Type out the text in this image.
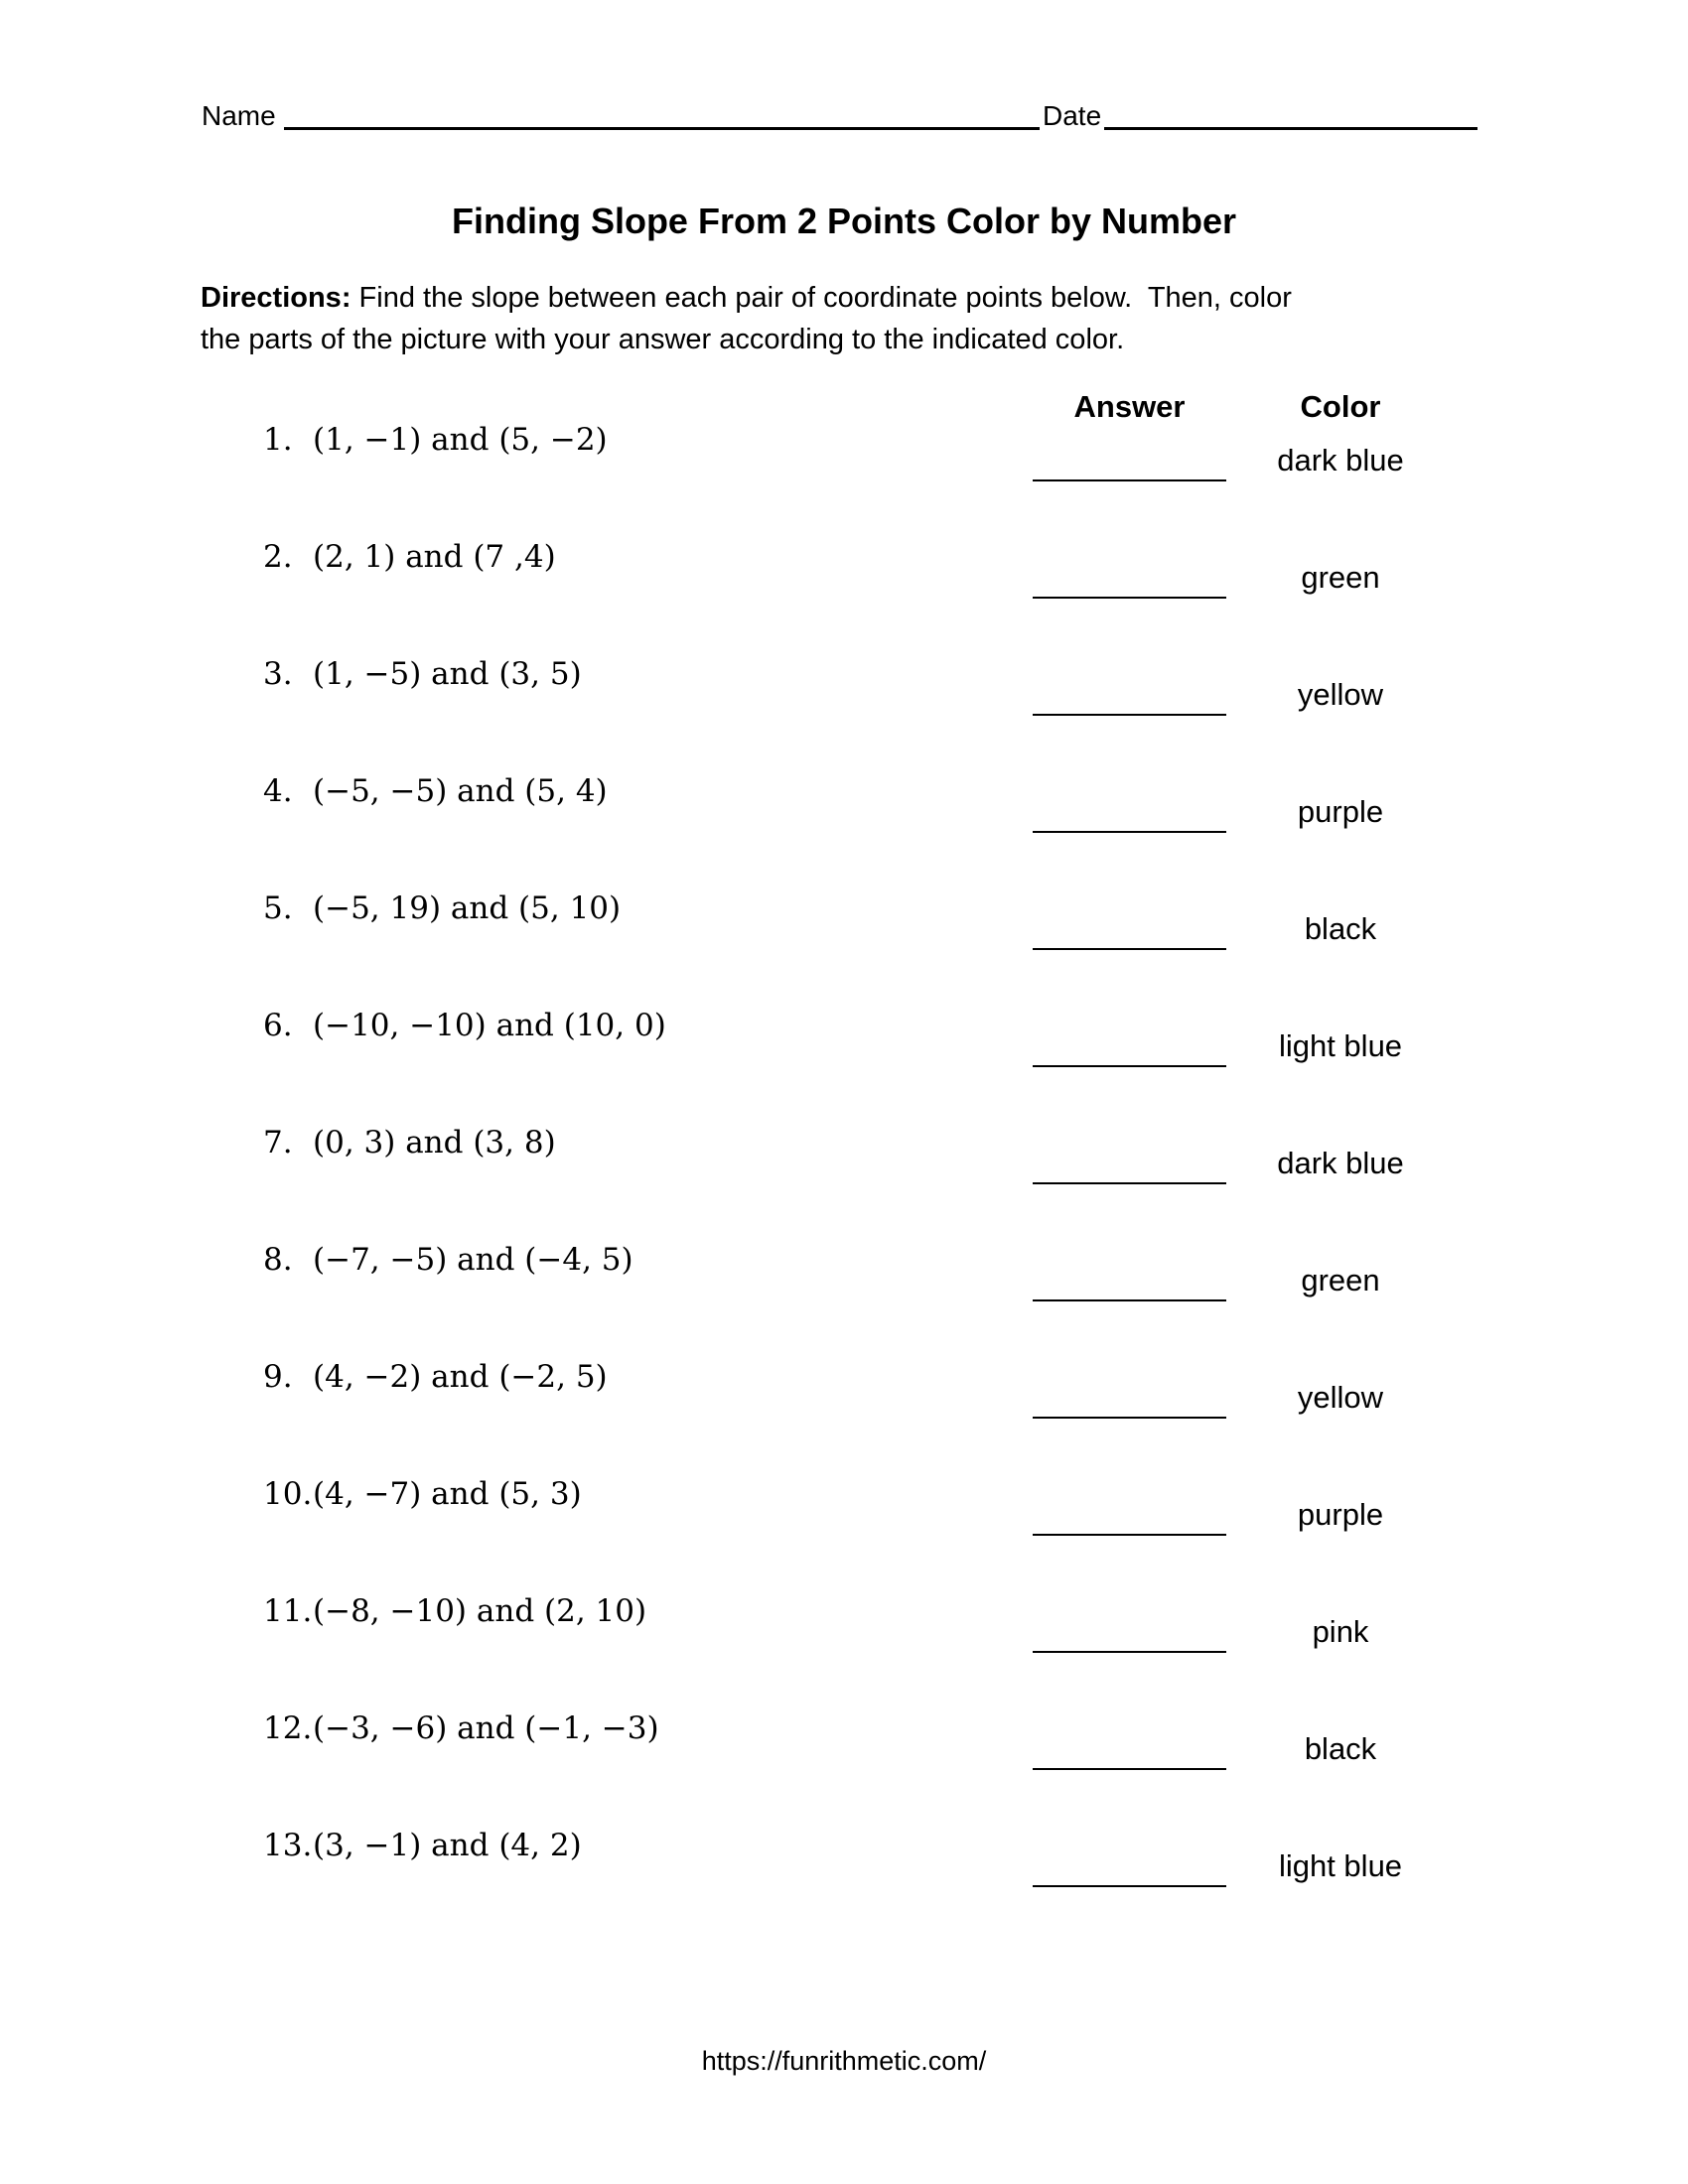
Name	Date
Finding Slope From 2 Points Color by Number
Directions: Find the slope between each pair of coordinate points below.  Then, color
the parts of the picture with your answer according to the indicated color.
Answer	Color
1. (1, −1) and (5, −2)
dark blue
2. (2, 1) and (7 ,4)
green
3. (1, −5) and (3, 5)
yellow
4. (−5, −5) and (5, 4)
purple
5. (−5, 19) and (5, 10)
black
6. (−10, −10) and (10, 0)
light blue
7. (0, 3) and (3, 8)
dark blue
8. (−7, −5) and (−4, 5)
green
9. (4, −2) and (−2, 5)
yellow
10. (4, −7) and (5, 3)
purple
11. (−8, −10) and (2, 10)
pink
12. (−3, −6) and (−1, −3)
black
13. (3, −1) and (4, 2)
light blue
https://funrithmetic.com/
